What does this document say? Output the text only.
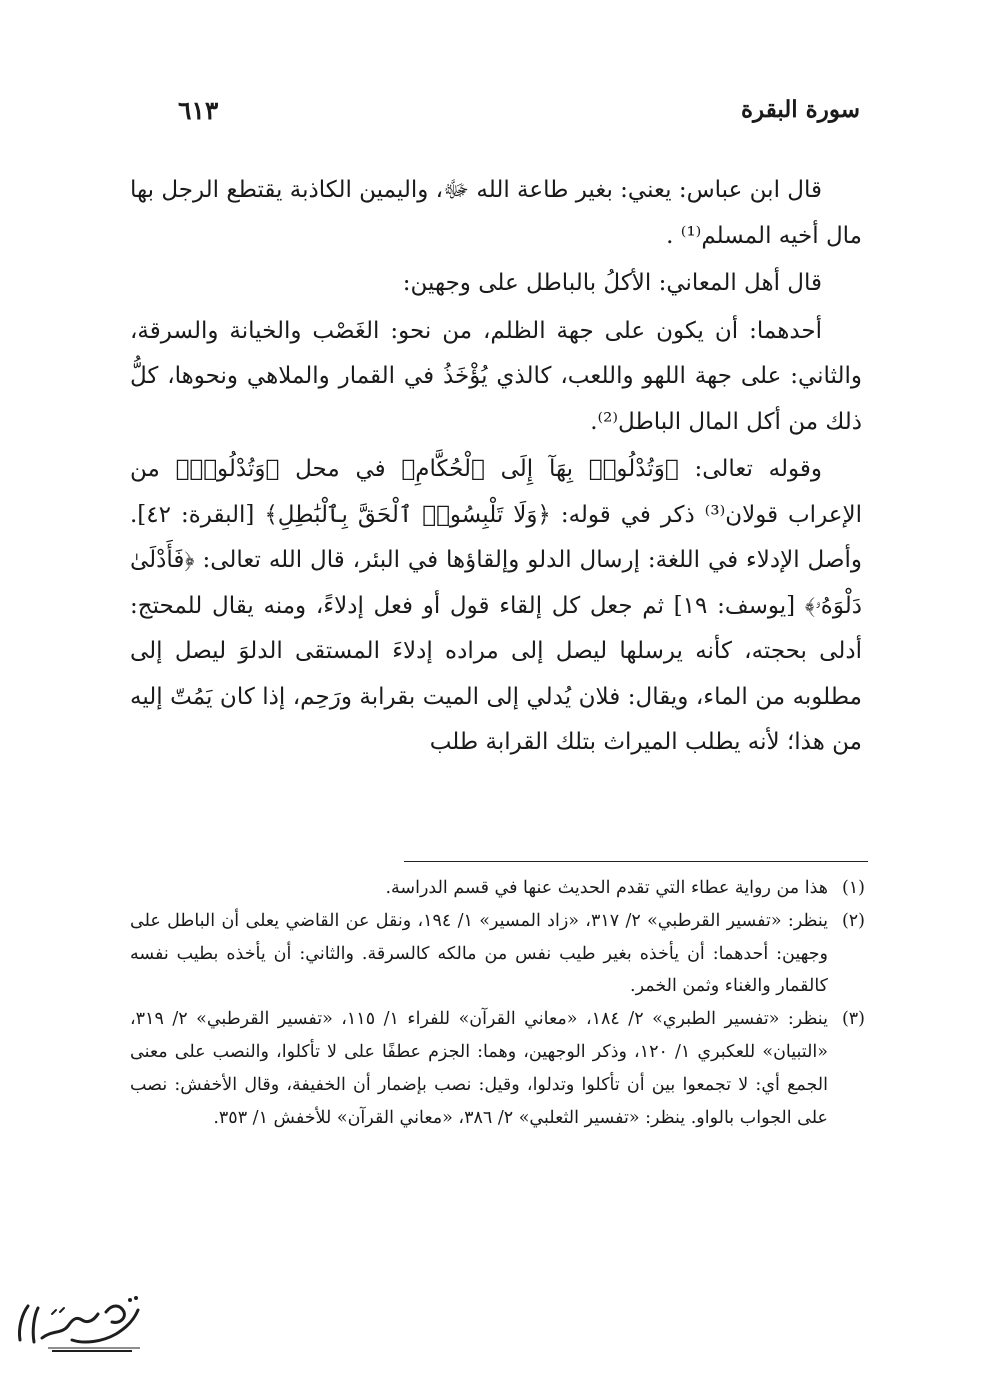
سورة البقرة
٦١٣

قال ابن عباس: يعني: بغير طاعة الله ﷻ، واليمين الكاذبة يقتطع الرجل بها مال أخيه المسلم⁽¹⁾ .

قال أهل المعاني: الأكلُ بالباطل على وجهين:

أحدهما: أن يكون على جهة الظلم، من نحو: الغَصْب والخيانة والسرقة، والثاني: على جهة اللهو واللعب، كالذي يُؤْخَذُ في القمار والملاهي ونحوها، كلُّ ذلك من أكل المال الباطل⁽²⁾.

وقوله تعالى: ﴿وَتُدْلُوا۟ بِهَآ إِلَى ٱلْحُكَّامِ﴾ في محل ﴿وَتُدْلُوا۟﴾ من الإعراب قولان⁽³⁾ ذكر في قوله: ﴿وَلَا تَلْبِسُوا۟ ٱلْحَقَّ بِٱلْبَٰطِلِ﴾ [البقرة: ٤٢]. وأصل الإدلاء في اللغة: إرسال الدلو وإلقاؤها في البئر، قال الله تعالى: ﴿فَأَدْلَىٰ دَلْوَهُۥ﴾ [يوسف: ١٩] ثم جعل كل إلقاء قول أو فعل إدلاءً، ومنه يقال للمحتج: أدلى بحجته، كأنه يرسلها ليصل إلى مراده إدلاءَ المستقى الدلوَ ليصل إلى مطلوبه من الماء، ويقال: فلان يُدلي إلى الميت بقرابة ورَحِم، إذا كان يَمُتّ إليه من هذا؛ لأنه يطلب الميراث بتلك القرابة طلب

(١)
هذا من رواية عطاء التي تقدم الحديث عنها في قسم الدراسة.
(٢)
ينظر: «تفسير القرطبي» ٢/ ٣١٧، «زاد المسير» ١/ ١٩٤، ونقل عن القاضي يعلى أن الباطل على وجهين: أحدهما: أن يأخذه بغير طيب نفس من مالكه كالسرقة. والثاني: أن يأخذه بطيب نفسه كالقمار والغناء وثمن الخمر.
(٣)
ينظر: «تفسير الطبري» ٢/ ١٨٤، «معاني القرآن» للفراء ١/ ١١٥، «تفسير القرطبي» ٢/ ٣١٩، «التبيان» للعكبري ١/ ١٢٠، وذكر الوجهين، وهما: الجزم عطفًا على لا تأكلوا، والنصب على معنى الجمع أي: لا تجمعوا بين أن تأكلوا وتدلوا، وقيل: نصب بإضمار أن الخفيفة، وقال الأخفش: نصب على الجواب بالواو. ينظر: «تفسير الثعلبي» ٢/ ٣٨٦، «معاني القرآن» للأخفش ١/ ٣٥٣.
